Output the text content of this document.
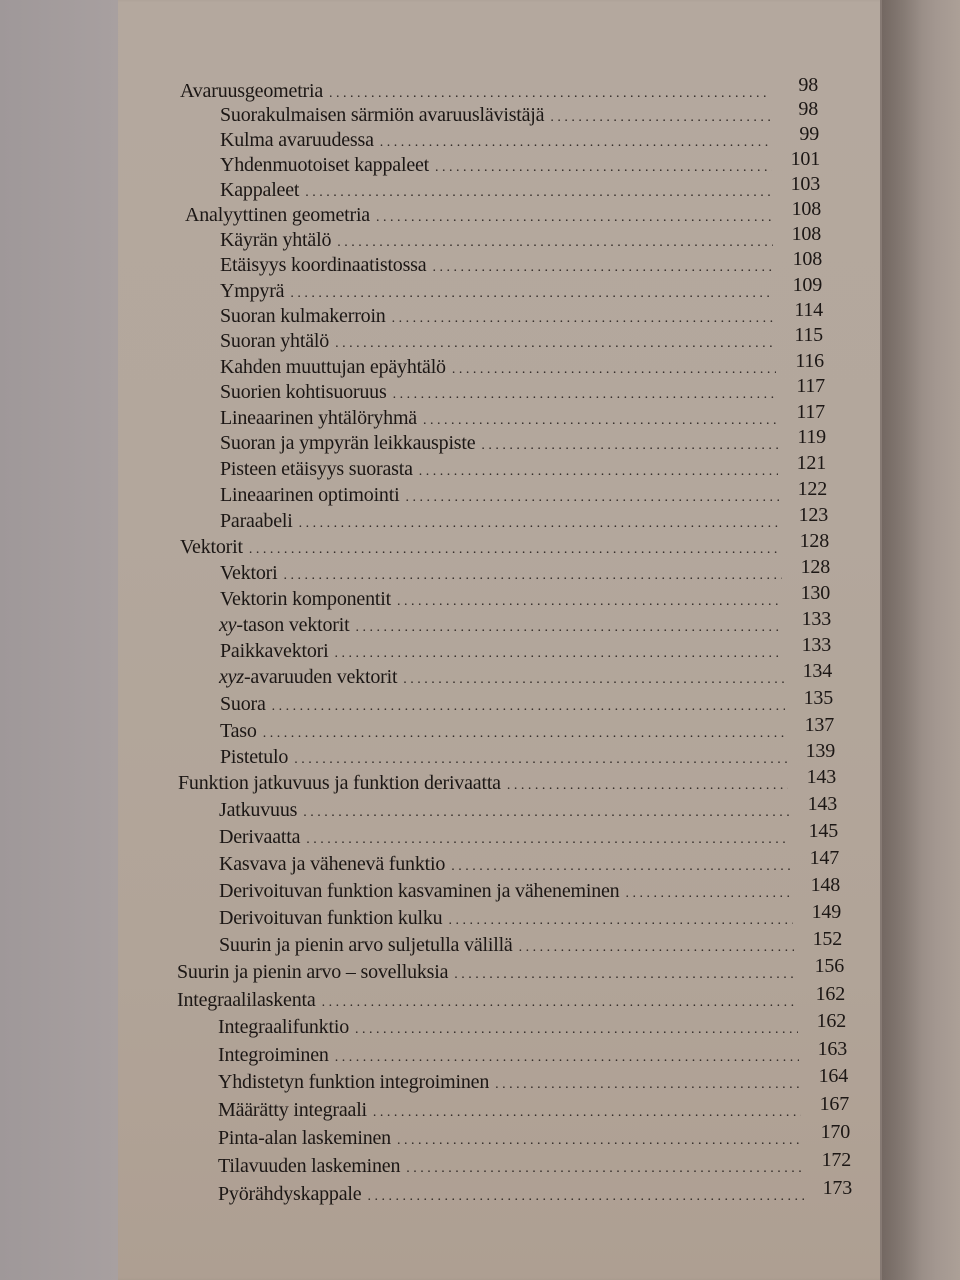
Avaruusgeometria . . .	98
Suorakulmaisen särmiön avaruuslävistäjä . . .	98
Kulma avaruudessa . . .	99
Yhdenmuotoiset kappaleet . . .	101
Kappaleet . . .	103
Analyyttinen geometria . . .	108
Käyrän yhtälö . . .	108
Etäisyys koordinaatistossa . . .	108
Ympyrä . . .	109
Suoran kulmakerroin . . .	114
Suoran yhtälö . . .	115
Kahden muuttujan epäyhtälö . . .	116
Suorien kohtisuoruus . . .	117
Lineaarinen yhtälöryhmä . . .	117
Suoran ja ympyrän leikkauspiste . . .	119
Pisteen etäisyys suorasta . . .	121
Lineaarinen optimointi . . .	122
Paraabeli . . .	123
Vektorit . . .	128
Vektori . . .	128
Vektorin komponentit . . .	130
xy-tason vektorit . . .	133
Paikkavektori . . .	133
xyz-avaruuden vektorit . . .	134
Suora . . .	135
Taso . . .	137
Pistetulo . . .	139
Funktion jatkuvuus ja funktion derivaatta . . .	143
Jatkuvuus . . .	143
Derivaatta . . .	145
Kasvava ja vähenevä funktio . . .	147
Derivoituvan funktion kasvaminen ja väheneminen . . .	148
Derivoituvan funktion kulku . . .	149
Suurin ja pienin arvo suljetulla välillä . . .	152
Suurin ja pienin arvo – sovelluksia . . .	156
Integraalilaskenta . . .	162
Integraalifunktio . . .	162
Integroiminen . . .	163
Yhdistetyn funktion integroiminen . . .	164
Määrätty integraali . . .	167
Pinta-alan laskeminen . . .	170
Tilavuuden laskeminen . . .	172
Pyörähdyskappale . . .	173
